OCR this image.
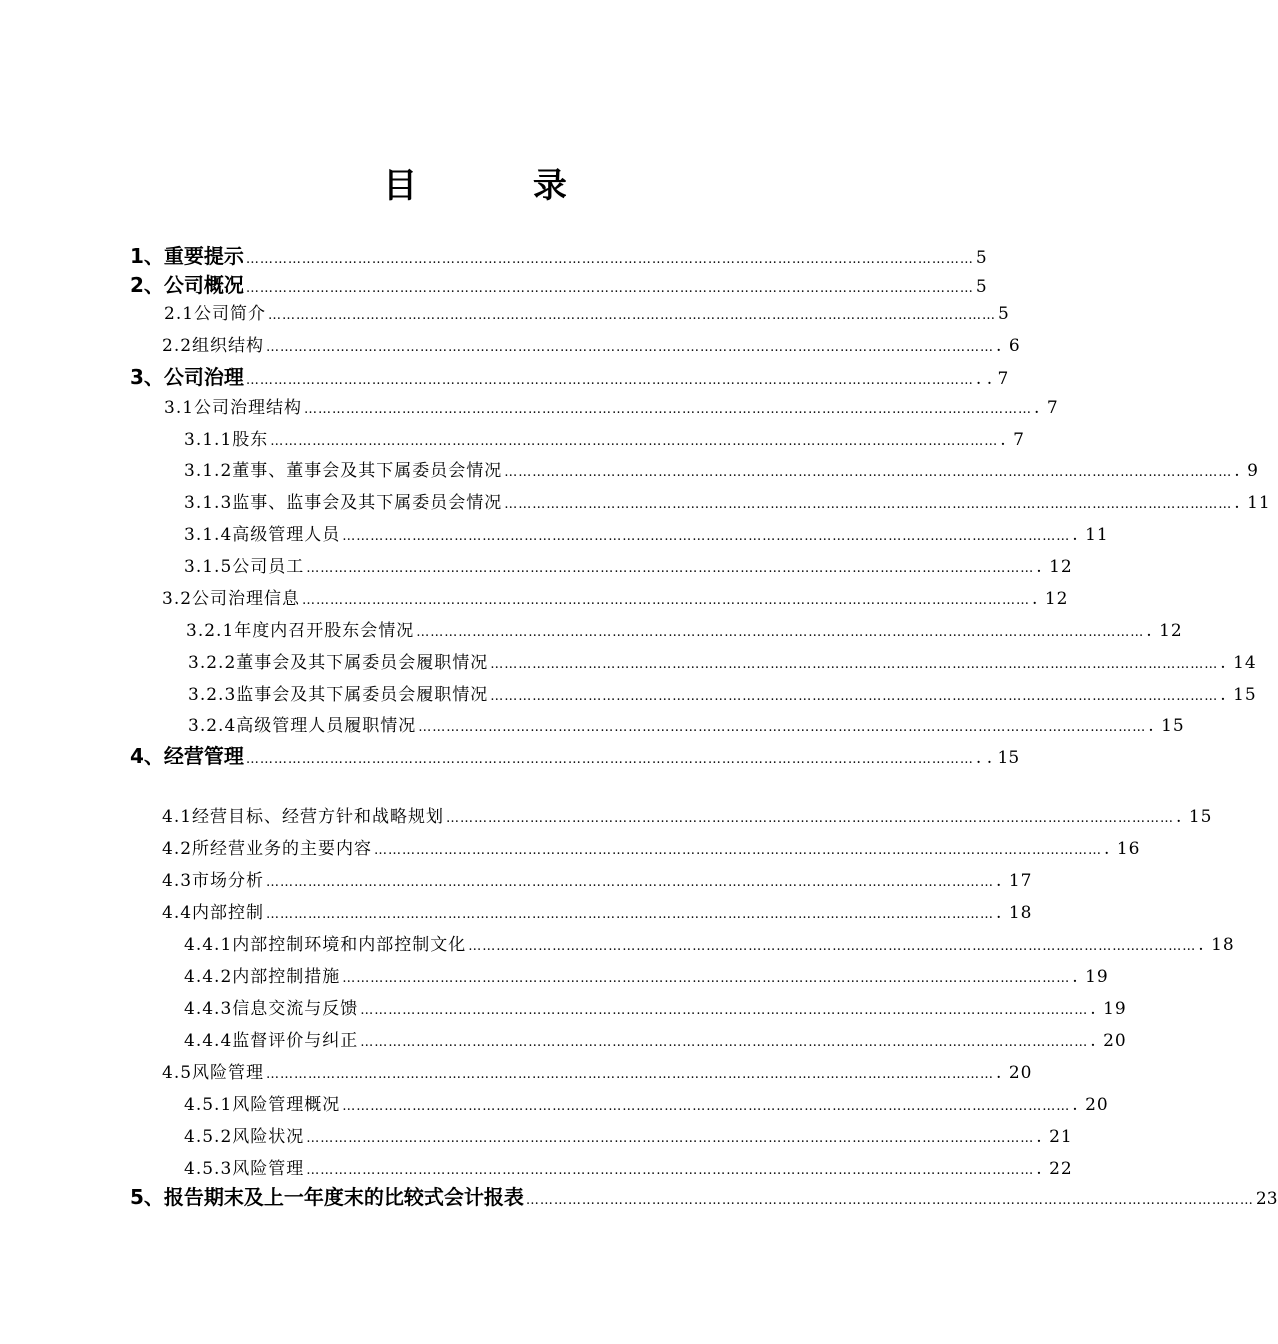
目 录
1、重要提示 ………………………………………………………………………………………………………………………………………… 5
2、公司概况 ………………………………………………………………………………………………………………………………………… 5
2.1公司简介 ………………………………………………………………………………………………………………………………………… 5
2.2组织结构 ………………………………………………………………………………………………………………………………………… . 6
3、公司治理 ………………………………………………………………………………………………………………………………………… . . 7
3.1公司治理结构 ………………………………………………………………………………………………………………………………………… . 7
3.1.1股东 ………………………………………………………………………………………………………………………………………… . 7
3.1.2董事、董事会及其下属委员会情况 ………………………………………………………………………………………………………………………………………… . 9
3.1.3监事、监事会及其下属委员会情况 ………………………………………………………………………………………………………………………………………… . 11
3.1.4高级管理人员 ………………………………………………………………………………………………………………………………………… . 11
3.1.5公司员工 ………………………………………………………………………………………………………………………………………… . 12
3.2公司治理信息 ………………………………………………………………………………………………………………………………………… . 12
3.2.1年度内召开股东会情况 ………………………………………………………………………………………………………………………………………… . 12
3.2.2董事会及其下属委员会履职情况 ………………………………………………………………………………………………………………………………………… . 14
3.2.3监事会及其下属委员会履职情况 ………………………………………………………………………………………………………………………………………… . 15
3.2.4高级管理人员履职情况 ………………………………………………………………………………………………………………………………………… . 15
4、经营管理 ………………………………………………………………………………………………………………………………………… . . 15
4.1经营目标、经营方针和战略规划 ………………………………………………………………………………………………………………………………………… . 15
4.2所经营业务的主要内容 ………………………………………………………………………………………………………………………………………… . 16
4.3市场分析 ………………………………………………………………………………………………………………………………………… . 17
4.4内部控制 ………………………………………………………………………………………………………………………………………… . 18
4.4.1内部控制环境和内部控制文化 ………………………………………………………………………………………………………………………………………… . 18
4.4.2内部控制措施 ………………………………………………………………………………………………………………………………………… . 19
4.4.3信息交流与反馈 ………………………………………………………………………………………………………………………………………… . 19
4.4.4监督评价与纠正 ………………………………………………………………………………………………………………………………………… . 20
4.5风险管理 ………………………………………………………………………………………………………………………………………… . 20
4.5.1风险管理概况 ………………………………………………………………………………………………………………………………………… . 20
4.5.2风险状况 ………………………………………………………………………………………………………………………………………… . 21
4.5.3风险管理 ………………………………………………………………………………………………………………………………………… . 22
5、报告期末及上一年度末的比较式会计报表 ………………………………………………………………………………………………………………………………………… 23
